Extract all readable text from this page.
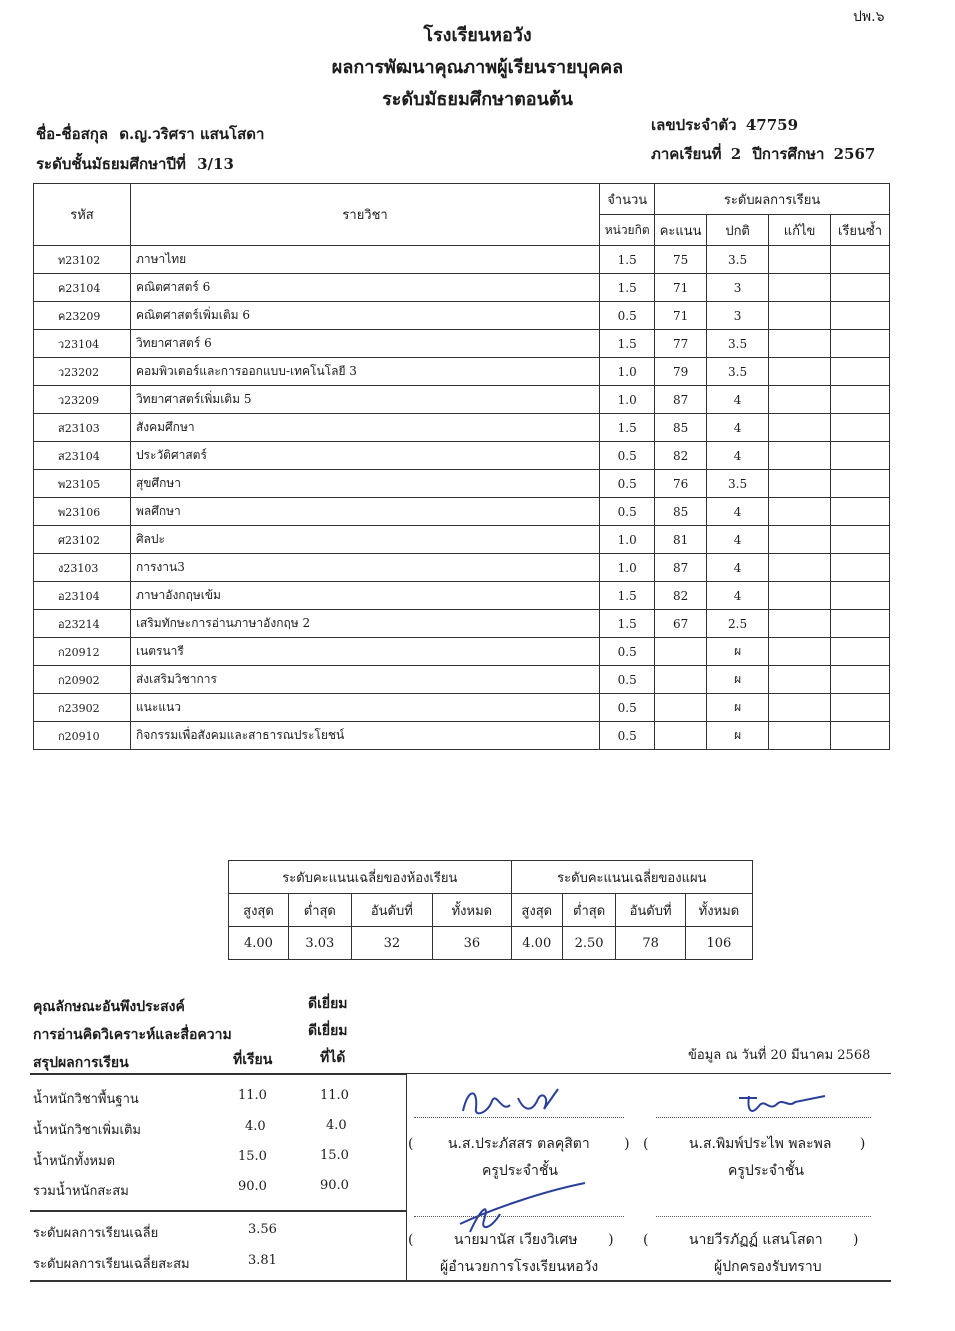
ปพ.๖
โรงเรียนหอวัง
ผลการพัฒนาคุณภาพผู้เรียนรายบุคคล
ระดับมัธยมศึกษาตอนต้น
ชื่อ-ชื่อสกุล ด.ญ.วริศรา แสนโสดา
ระดับชั้นมัธยมศึกษาปีที่ 3/13
เลขประจำตัว 47759
ภาคเรียนที่ 2 ปีการศึกษา 2567
รหัส	รายวิชา	จำนวน	ระดับผลการเรียน			
		หน่วยกิต	คะแนน	ปกติ	แก้ไข	เรียนซ้ำ
ท23102	ภาษาไทย	1.5	75	3.5		
ค23104	คณิตศาสตร์ 6	1.5	71	3		
ค23209	คณิตศาสตร์เพิ่มเติม 6	0.5	71	3		
ว23104	วิทยาศาสตร์ 6	1.5	77	3.5		
ว23202	คอมพิวเตอร์และการออกแบบ-เทคโนโลยี 3	1.0	79	3.5		
ว23209	วิทยาศาสตร์เพิ่มเติม 5	1.0	87	4		
ส23103	สังคมศึกษา	1.5	85	4		
ส23104	ประวัติศาสตร์	0.5	82	4		
พ23105	สุขศึกษา	0.5	76	3.5		
พ23106	พลศึกษา	0.5	85	4		
ศ23102	ศิลปะ	1.0	81	4		
ง23103	การงาน3	1.0	87	4		
อ23104	ภาษาอังกฤษเข้ม	1.5	82	4		
อ23214	เสริมทักษะการอ่านภาษาอังกฤษ 2	1.5	67	2.5		
ก20912	เนตรนารี	0.5		ผ		
ก20902	ส่งเสริมวิชาการ	0.5		ผ		
ก23902	แนะแนว	0.5		ผ		
ก20910	กิจกรรมเพื่อสังคมและสาธารณประโยชน์	0.5		ผ		
ระดับคะแนนเฉลี่ยของห้องเรียน				ระดับคะแนนเฉลี่ยของแผน			
สูงสุด	ต่ำสุด	อันดับที่	ทั้งหมด	สูงสุด	ต่ำสุด	อันดับที่	ทั้งหมด
4.00	3.03	32	36	4.00	2.50	78	106
คุณลักษณะอันพึงประสงค์	ดีเยี่ยม
การอ่านคิดวิเคราะห์และสื่อความ	ดีเยี่ยม
สรุปผลการเรียน	ที่เรียน	ที่ได้
น้ำหนักวิชาพื้นฐาน	11.0	11.0
น้ำหนักวิชาเพิ่มเติม	4.0	4.0
น้ำหนักทั้งหมด	15.0	15.0
รวมน้ำหนักสะสม	90.0	90.0
ระดับผลการเรียนเฉลี่ย	3.56
ระดับผลการเรียนเฉลี่ยสะสม	3.81
ข้อมูล ณ วันที่ 20 มีนาคม 2568
( น.ส.ประภัสสร ตลคุสิตา ) (	น.ส.พิมพ์ประไพ พละพล )
ครูประจำชั้น	ครูประจำชั้น
(	นายมานัส เวียงวิเศษ ) (	นายวีรภัฏฏ์ แสนโสดา )
ผู้อำนวยการโรงเรียนหอวัง	ผู้ปกครองรับทราบ
